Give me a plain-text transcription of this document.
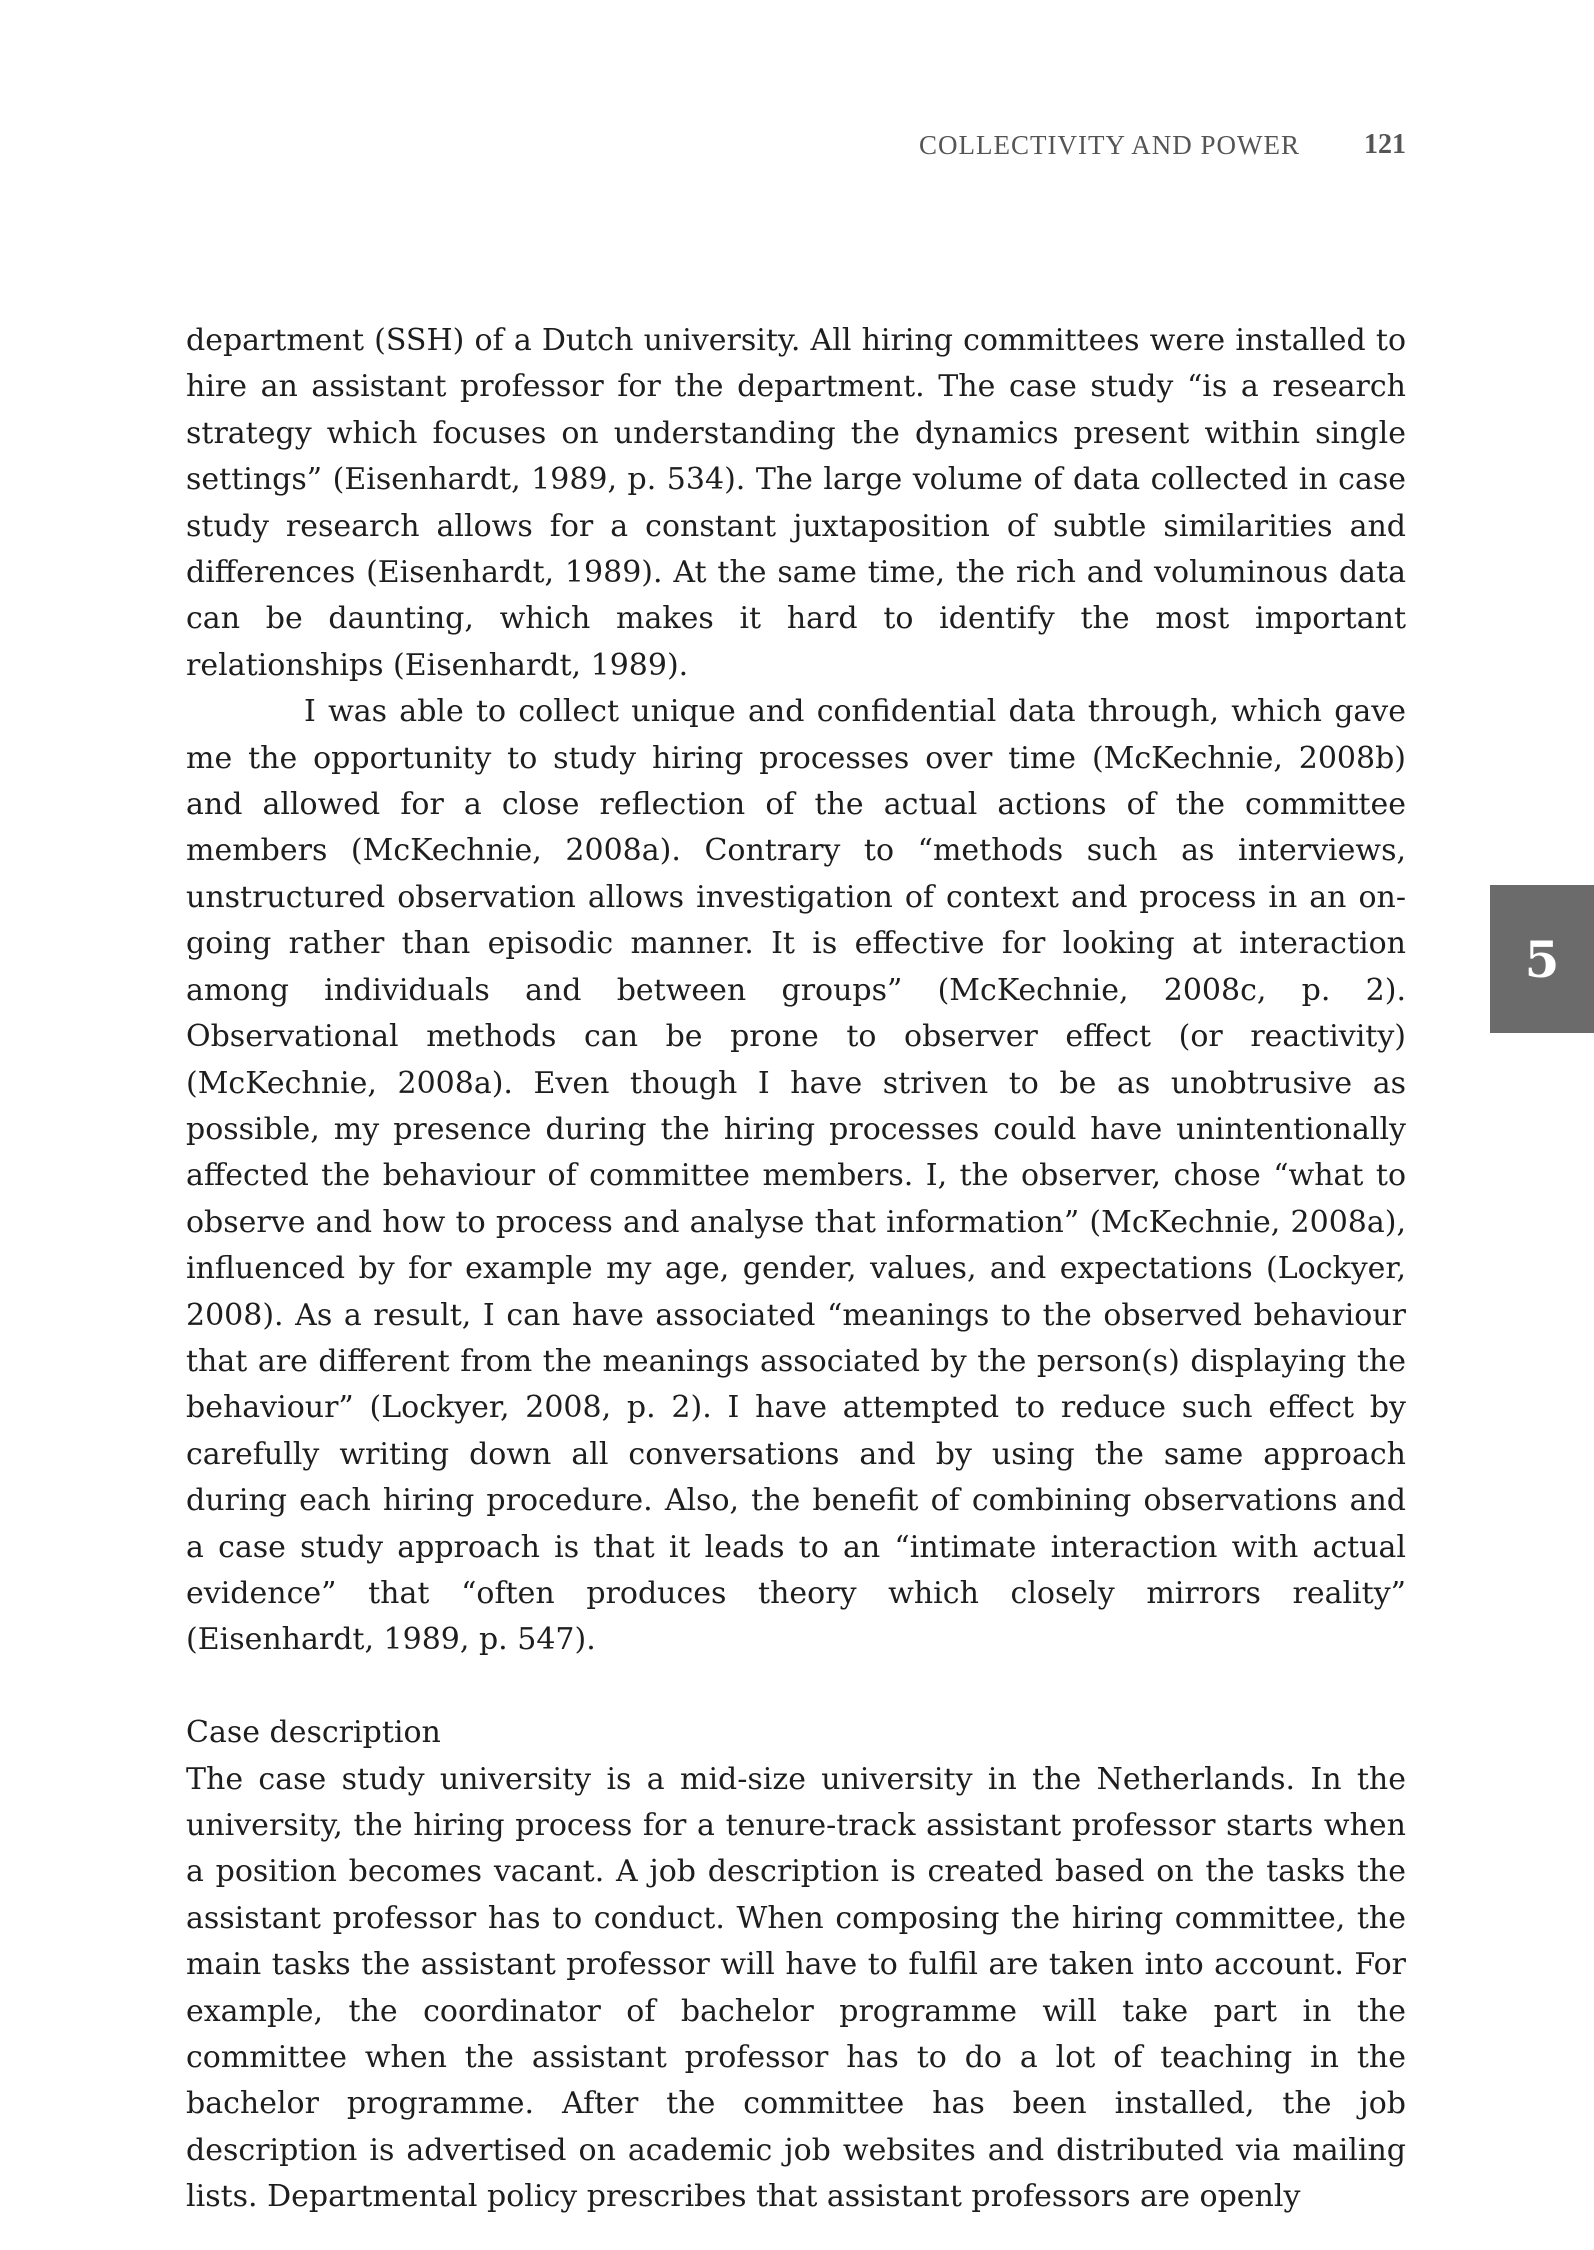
COLLECTIVITY AND POWER 121
5

department (SSH) of a Dutch university. All hiring committees were installed to hire an assistant professor for the department. The case study “is a research strategy which focuses on understanding the dynamics present within single settings” (Eisenhardt, 1989, p. 534). The large volume of data collected in case study research allows for a constant juxtaposition of subtle similarities and differences (Eisenhardt, 1989). At the same time, the rich and voluminous data can be daunting, which makes it hard to identify the most important relationships (Eisenhardt, 1989).

I was able to collect unique and confidential data through, which gave me the opportunity to study hiring processes over time (McKechnie, 2008b) and allowed for a close reflection of the actual actions of the committee members (McKechnie, 2008a). Contrary to “methods such as interviews, unstructured observation allows investigation of context and process in an on-going rather than episodic manner. It is effective for looking at interaction among individuals and between groups” (McKechnie, 2008c, p. 2). Observational methods can be prone to observer effect (or reactivity) (McKechnie, 2008a). Even though I have striven to be as unobtrusive as possible, my presence during the hiring processes could have unintentionally affected the behaviour of committee members. I, the observer, chose “what to observe and how to process and analyse that information” (McKechnie, 2008a), influenced by for example my age, gender, values, and expectations (Lockyer, 2008). As a result, I can have associated “meanings to the observed behaviour that are different from the meanings associated by the person(s) displaying the behaviour” (Lockyer, 2008, p. 2). I have attempted to reduce such effect by carefully writing down all conversations and by using the same approach during each hiring procedure. Also, the benefit of combining observations and a case study approach is that it leads to an “intimate interaction with actual evidence” that “often produces theory which closely mirrors reality” (Eisenhardt, 1989, p. 547).

Case description

The case study university is a mid-size university in the Netherlands. In the university, the hiring process for a tenure-track assistant professor starts when a position becomes vacant. A job description is created based on the tasks the assistant professor has to conduct. When composing the hiring committee, the main tasks the assistant professor will have to fulfil are taken into account. For example, the coordinator of bachelor programme will take part in the committee when the assistant professor has to do a lot of teaching in the bachelor programme. After the committee has been installed, the job description is advertised on academic job websites and distributed via mailing lists. Departmental policy prescribes that assistant professors are openly
